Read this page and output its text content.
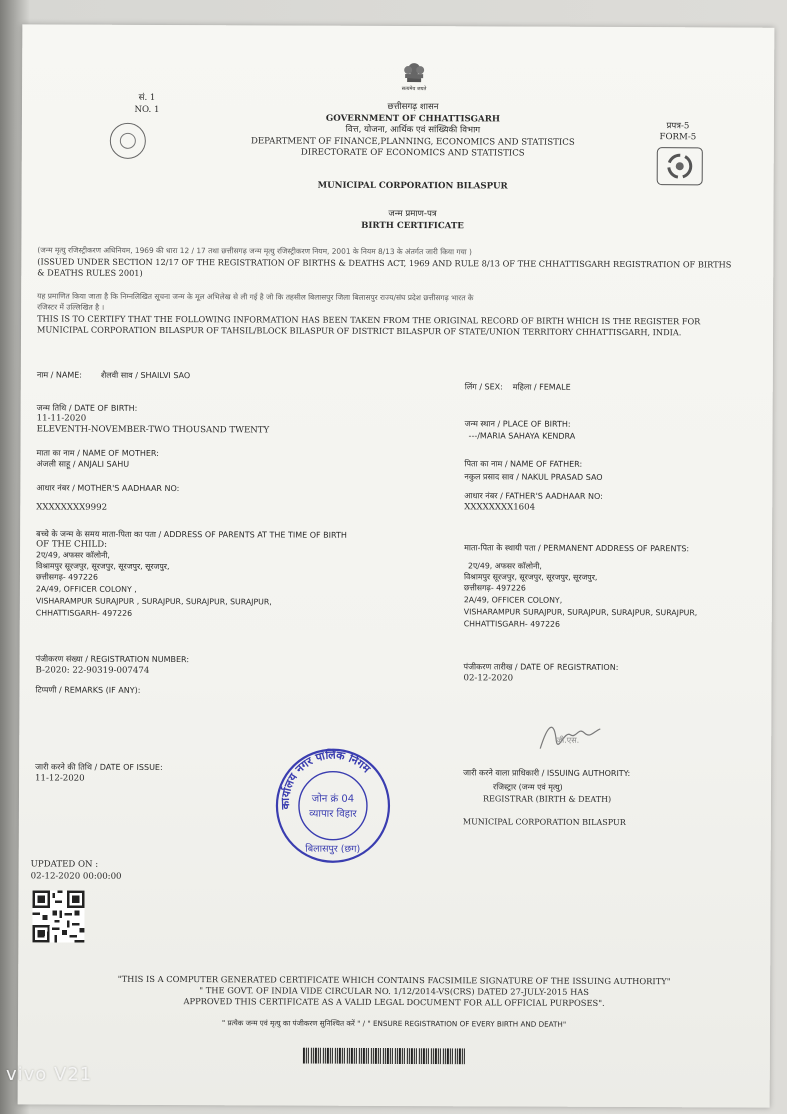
सत्यमेव जयते
सं. 1
NO. 1
प्रपत्र-5
FORM-5
छत्तीसगढ़ शासन
GOVERNMENT OF CHHATTISGARH
वित्त, योजना, आर्थिक एवं सांख्यिकी विभाग
DEPARTMENT OF FINANCE,PLANNING, ECONOMICS AND STATISTICS
DIRECTORATE OF ECONOMICS AND STATISTICS
MUNICIPAL CORPORATION BILASPUR
जन्म प्रमाण-पत्र
BIRTH CERTIFICATE
(जन्म मृत्यु रजिस्ट्रीकरण अधिनियम, 1969 की धारा 12 / 17 तथा छत्तीसगढ़ जन्म मृत्यु रजिस्ट्रीकरण नियम, 2001 के नियम 8/13 के अंतर्गत जारी किया गया )
(ISSUED UNDER SECTION 12/17 OF THE REGISTRATION OF BIRTHS & DEATHS ACT, 1969 AND RULE 8/13 OF THE CHHATTISGARH REGISTRATION OF BIRTHS
& DEATHS RULES 2001)
यह प्रमाणित किया जाता है कि निम्नलिखित सूचना जन्म के मूल अभिलेख से ली गई है जो कि तहसील बिलासपुर जिला बिलासपुर राज्य/संघ प्रदेश छत्तीसगढ़ भारत के
रजिस्टर में उल्लिखित है ।
THIS IS TO CERTIFY THAT THE FOLLOWING INFORMATION HAS BEEN TAKEN FROM THE ORIGINAL RECORD OF BIRTH WHICH IS THE REGISTER FOR
MUNICIPAL CORPORATION BILASPUR OF TAHSIL/BLOCK BILASPUR OF DISTRICT BILASPUR OF STATE/UNION TERRITORY CHHATTISGARH, INDIA.
नाम / NAME: शैलवी साव / SHAILVI SAO
लिंग / SEX: महिला / FEMALE
जन्म तिथि / DATE OF BIRTH:
11-11-2020
ELEVENTH-NOVEMBER-TWO THOUSAND TWENTY
जन्म स्थान / PLACE OF BIRTH:
---/MARIA SAHAYA KENDRA
माता का नाम / NAME OF MOTHER:
अंजली साहू / ANJALI SAHU	पिता का नाम / NAME OF FATHER:
नकुल प्रसाद साव / NAKUL PRASAD SAO
आधार नंबर / MOTHER'S AADHAAR NO:
XXXXXXXX9992
आधार नंबर / FATHER'S AADHAAR NO:
XXXXXXXX1604
बच्चे के जन्म के समय माता-पिता का पता / ADDRESS OF PARENTS AT THE TIME OF BIRTH
OF THE CHILD:
2ए/49, अफसर कॉलोनी,
विश्रामपुर सूरजपुर, सूरजपुर, सूरजपुर, सूरजपुर,
छत्तीसगढ़- 497226
2A/49, OFFICER COLONY ,
VISHARAMPUR SURAJPUR , SURAJPUR, SURAJPUR, SURAJPUR,
CHHATTISGARH- 497226
माता-पिता के स्थायी पता / PERMANENT ADDRESS OF PARENTS:
2ए/49, अफसर कॉलोनी,
विश्रामपुर सूरजपुर, सूरजपुर, सूरजपुर, सूरजपुर,
छत्तीसगढ़- 497226
2A/49, OFFICER COLONY,
VISHARAMPUR SURAJPUR, SURAJPUR, SURAJPUR, SURAJPUR,
CHHATTISGARH- 497226
पंजीकरण संख्या / REGISTRATION NUMBER:
B-2020: 22-90319-007474
टिप्पणी / REMARKS (IF ANY):
पंजीकरण तारीख / DATE OF REGISTRATION:
02-12-2020
जी.एस.
जारी करने की तिथि / DATE OF ISSUE:
11-12-2020
जारी करने वाला प्राधिकारी / ISSUING AUTHORITY:
रजिस्ट्रार (जन्म एवं मृत्यु)
REGISTRAR (BIRTH & DEATH)
MUNICIPAL CORPORATION BILASPUR
कार्यालय नगर पालिक निगम
जोन क्रं 04
व्यापार विहार
बिलासपुर (छग)
UPDATED ON :
02-12-2020 00:00:00
"THIS IS A COMPUTER GENERATED CERTIFICATE WHICH CONTAINS FACSIMILE SIGNATURE OF THE ISSUING AUTHORITY"
" THE GOVT. OF INDIA VIDE CIRCULAR NO. 1/12/2014-VS(CRS) DATED 27-JULY-2015 HAS
APPROVED THIS CERTIFICATE AS A VALID LEGAL DOCUMENT FOR ALL OFFICIAL PURPOSES".
" प्रत्येक जन्म एवं मृत्यु का पंजीकरण सुनिश्चित करें " / " ENSURE REGISTRATION OF EVERY BIRTH AND DEATH"
vivo V21
